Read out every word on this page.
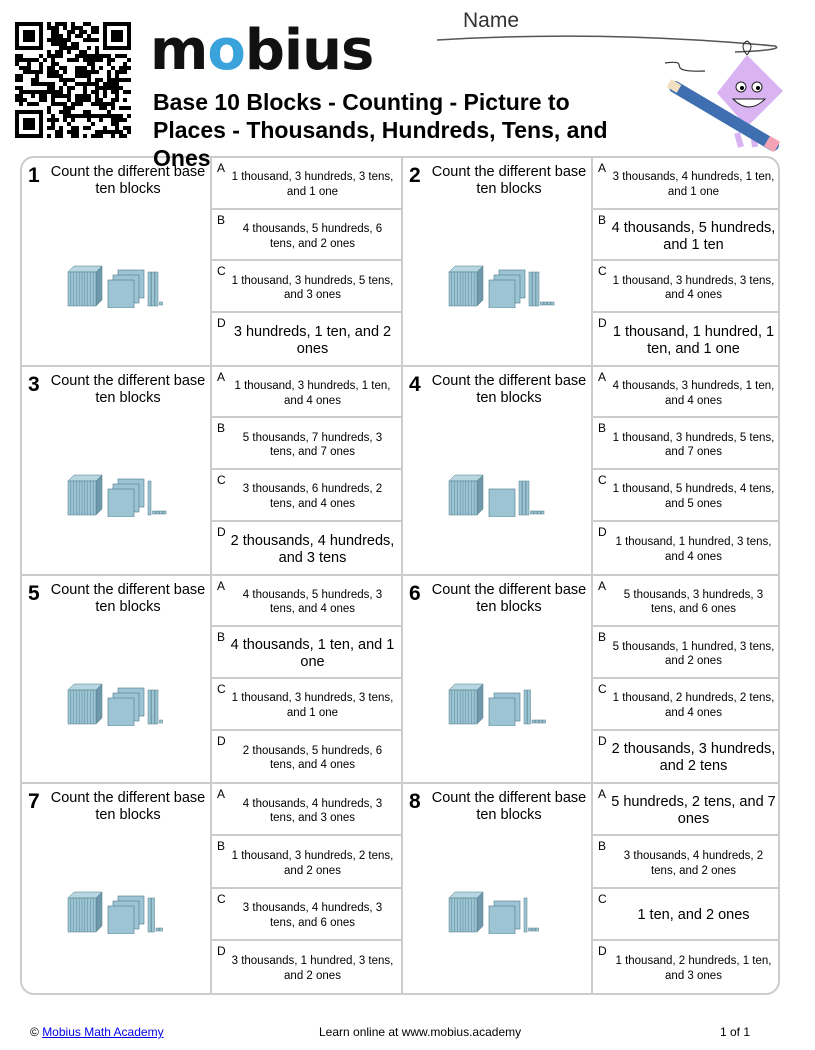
mobius
Base 10 Blocks - Counting - Picture to Places - Thousands, Hundreds, Tens, and Ones
Name
1 Count the different base ten blocks
A
1 thousand, 3 hundreds, 3 tens, and 1 one
B
4 thousands, 5 hundreds, 6 tens, and 2 ones
C
1 thousand, 3 hundreds, 5 tens, and 3 ones
D
3 hundreds, 1 ten, and 2 ones
2 Count the different base ten blocks
A
3 thousands, 4 hundreds, 1 ten, and 1 one
B 4 thousands, 5 hundreds, and 1 ten
C
1 thousand, 3 hundreds, 3 tens, and 4 ones
D
1 thousand, 1 hundred, 1 ten, and 1 one
3 Count the different base ten blocks
A
1 thousand, 3 hundreds, 1 ten, and 4 ones
B
5 thousands, 7 hundreds, 3 tens, and 7 ones
C
3 thousands, 6 hundreds, 2 tens, and 4 ones
D
2 thousands, 4 hundreds, and 3 tens
4 Count the different base ten blocks
A
4 thousands, 3 hundreds, 1 ten, and 4 ones
B
1 thousand, 3 hundreds, 5 tens, and 7 ones
C
1 thousand, 5 hundreds, 4 tens, and 5 ones
D
1 thousand, 1 hundred, 3 tens, and 4 ones
5 Count the different base ten blocks
A
4 thousands, 5 hundreds, 3 tens, and 4 ones
B 4 thousands, 1 ten, and 1 one
C
1 thousand, 3 hundreds, 3 tens, and 1 one
D
2 thousands, 5 hundreds, 6 tens, and 4 ones
6 Count the different base ten blocks
A
5 thousands, 3 hundreds, 3 tens, and 6 ones
B
5 thousands, 1 hundred, 3 tens, and 2 ones
C
1 thousand, 2 hundreds, 2 tens, and 4 ones
D
2 thousands, 3 hundreds, and 2 tens
7 Count the different base ten blocks
A
4 thousands, 4 hundreds, 3 tens, and 3 ones
B
1 thousand, 3 hundreds, 2 tens, and 2 ones
C
3 thousands, 4 hundreds, 3 tens, and 6 ones
D
3 thousands, 1 hundred, 3 tens, and 2 ones
8 Count the different base ten blocks
A
5 hundreds, 2 tens, and 7 ones
B
3 thousands, 4 hundreds, 2 tens, and 2 ones
C
1 ten, and 2 ones
D
1 thousand, 2 hundreds, 1 ten, and 3 ones
© Mobius Math Academy	Learn online at www.mobius.academy	1 of 1
